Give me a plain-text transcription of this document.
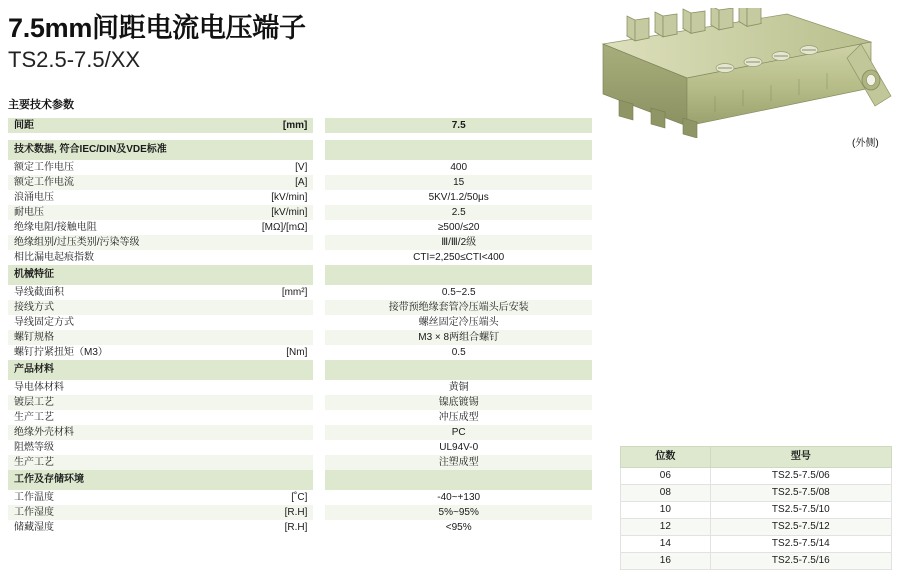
7.5mm间距电流电压端子
TS2.5-7.5/XX
主要技术参数
(外侧)
间距	[mm]		7.5

技术数据, 符合IEC/DIN及VDE标准			
额定工作电压	[V]		400
额定工作电流	[A]		15
浪涌电压	[kV/min]		5KV/1.2/50μs
耐电压	[kV/min]		2.5
绝缘电阻/接触电阻	[MΩ]/[mΩ]		≥500/≤20
绝缘组别/过压类别/污染等级			Ⅲ/Ⅲ/2级
相比漏电起痕指数			CTI=2,250≤CTI<400
机械特征			
导线截面积	[mm²]		0.5~2.5
接线方式			接带预绝缘套管冷压端头后安装
导线固定方式			螺丝固定冷压端头
螺钉规格			M3 × 8两组合螺钉
螺钉拧紧扭矩（M3）	[Nm]		0.5
产品材料			
导电体材料			黄铜
镀层工艺			镍底镀锡
生产工艺			冲压成型
绝缘外壳材料			PC
阻燃等级			UL94V-0
生产工艺			注塑成型
工作及存储环境			
工作温度	[˚C]		-40~+130
工作湿度	[R.H]		5%~95%
储藏湿度	[R.H]		<95%
位数	型号
06	TS2.5-7.5/06
08	TS2.5-7.5/08
10	TS2.5-7.5/10
12	TS2.5-7.5/12
14	TS2.5-7.5/14
16	TS2.5-7.5/16
